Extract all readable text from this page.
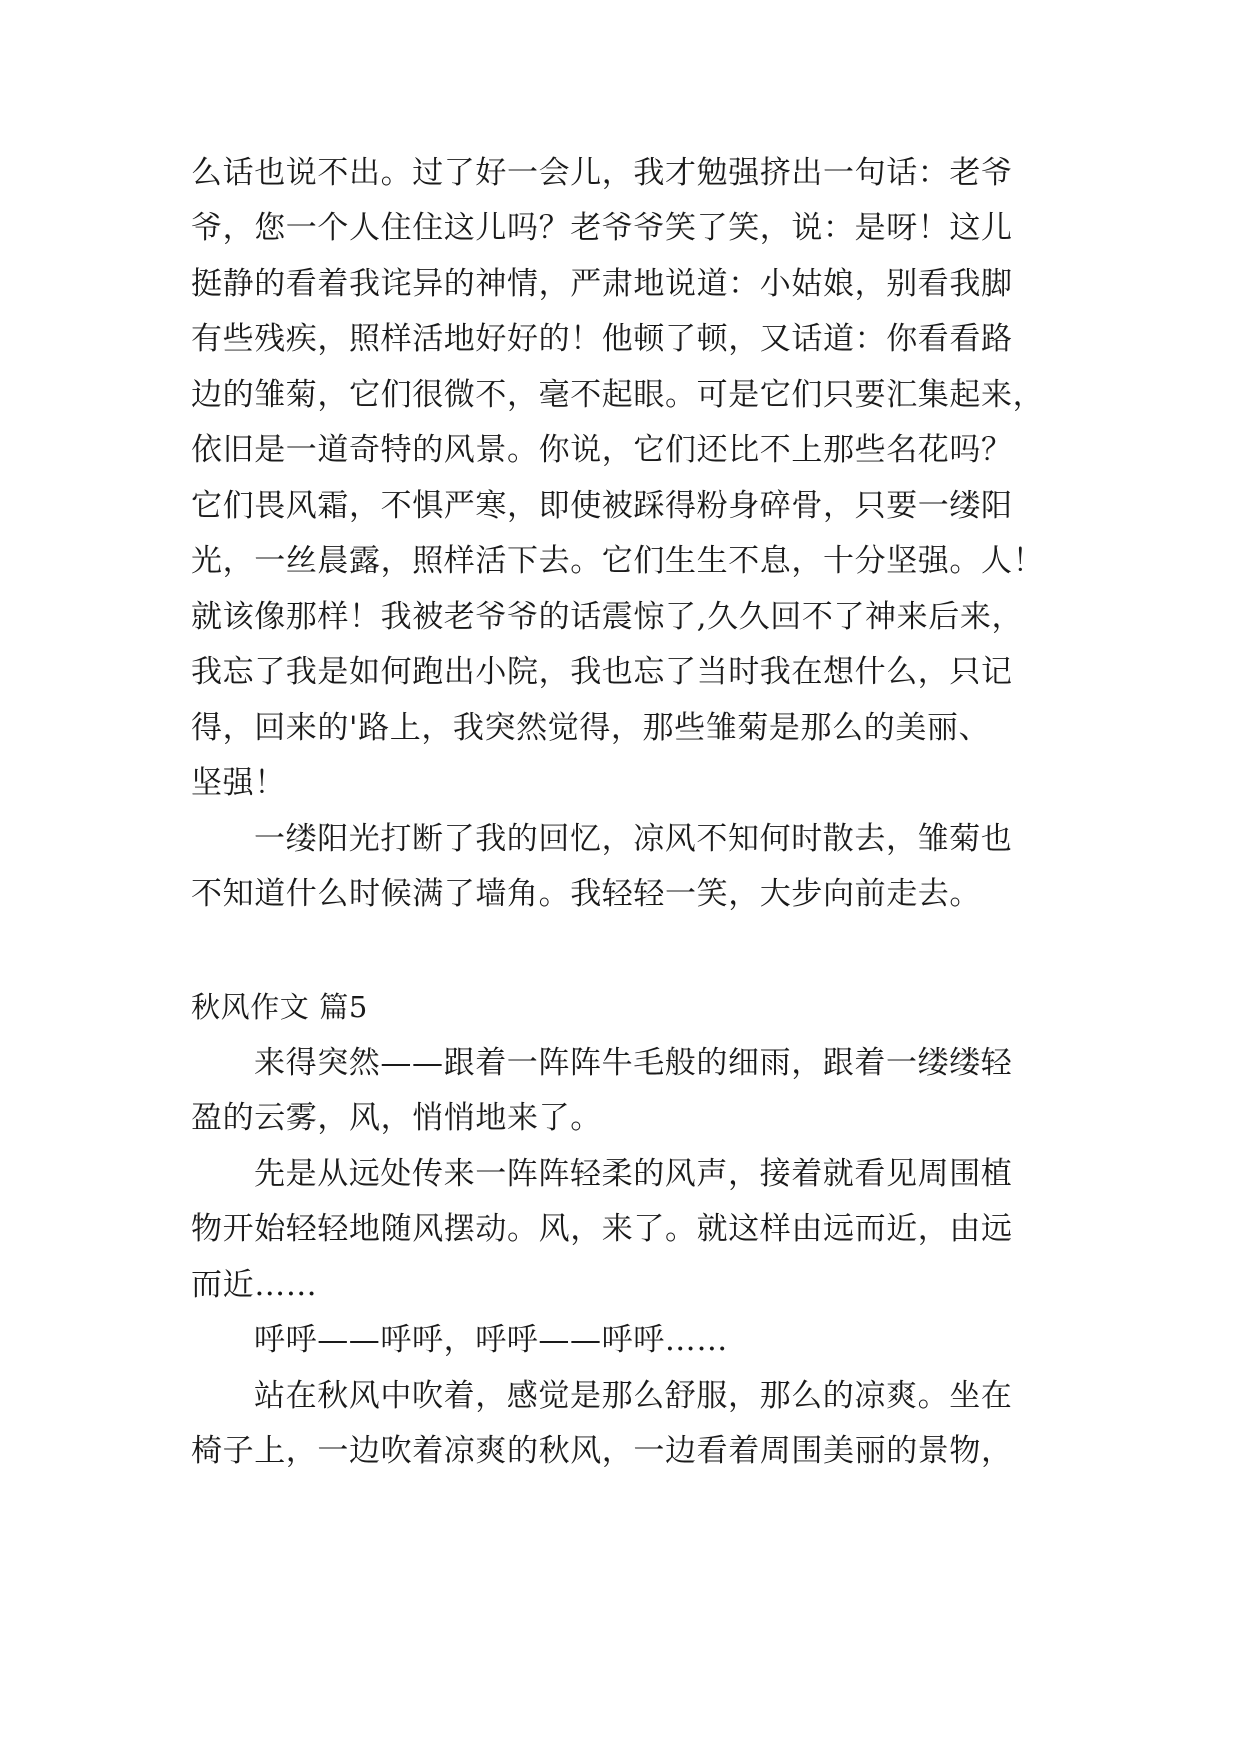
么话也说不出。过了好一会儿，我才勉强挤出一句话：老爷
爷，您一个人住住这儿吗？老爷爷笑了笑，说：是呀！这儿
挺静的看着我诧异的神情，严肃地说道：小姑娘，别看我脚
有些残疾，照样活地好好的！他顿了顿，又话道：你看看路
边的雏菊，它们很微不，毫不起眼。可是它们只要汇集起来，
依旧是一道奇特的风景。你说，它们还比不上那些名花吗？
它们畏风霜，不惧严寒，即使被踩得粉身碎骨，只要一缕阳
光，一丝晨露，照样活下去。它们生生不息，十分坚强。人！
就该像那样！我被老爷爷的话震惊了,久久回不了神来后来，
我忘了我是如何跑出小院，我也忘了当时我在想什么，只记
得，回来的'路上，我突然觉得，那些雏菊是那么的美丽、
坚强！
一缕阳光打断了我的回忆，凉风不知何时散去，雏菊也
不知道什么时候满了墙角。我轻轻一笑，大步向前走去。
秋风作文 篇5
来得突然——跟着一阵阵牛毛般的细雨，跟着一缕缕轻
盈的云雾，风，悄悄地来了。
先是从远处传来一阵阵轻柔的风声，接着就看见周围植
物开始轻轻地随风摆动。风，来了。就这样由远而近，由远
而近……
呼呼——呼呼，呼呼——呼呼……
站在秋风中吹着，感觉是那么舒服，那么的凉爽。坐在
椅子上，一边吹着凉爽的秋风，一边看着周围美丽的景物，
